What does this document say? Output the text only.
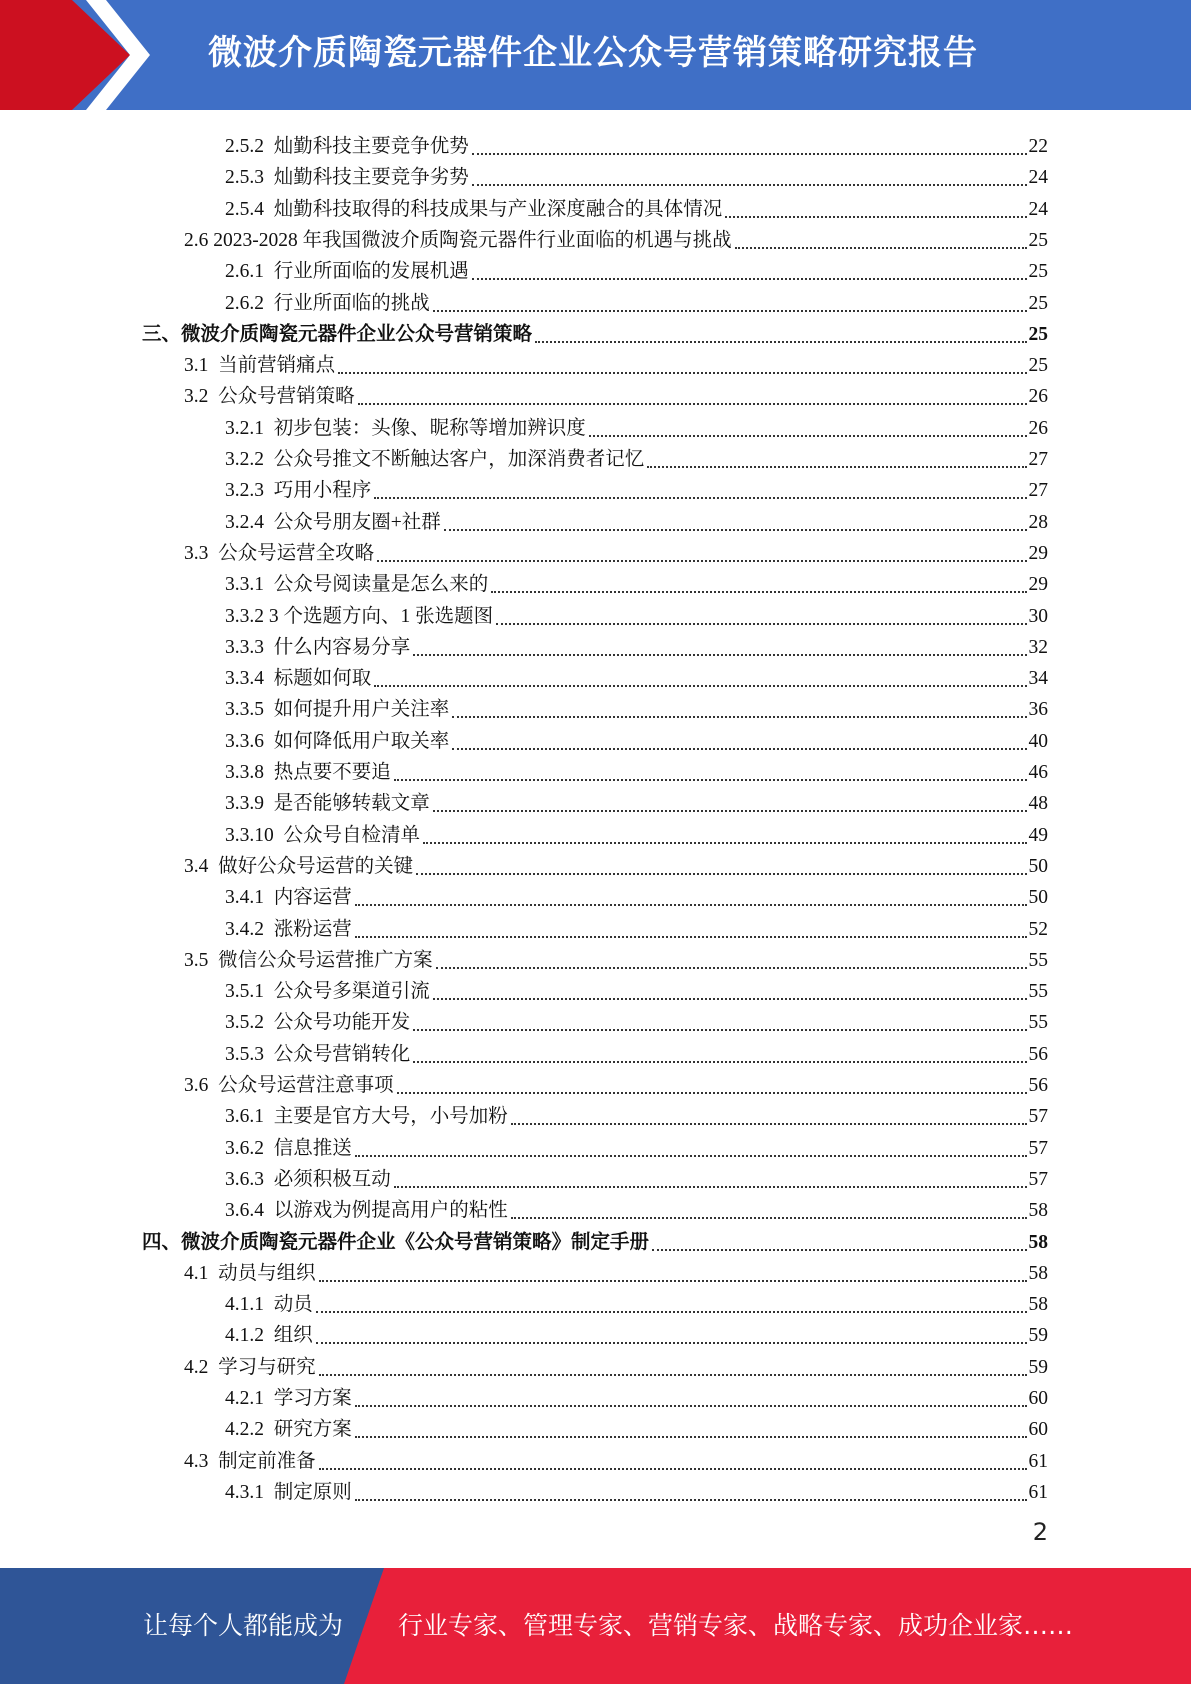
微波介质陶瓷元器件企业公众号营销策略研究报告
2.5.2  灿勤科技主要竞争优势	22
2.5.3  灿勤科技主要竞争劣势	24
2.5.4  灿勤科技取得的科技成果与产业深度融合的具体情况	24
2.6 2023-2028 年我国微波介质陶瓷元器件行业面临的机遇与挑战	25
2.6.1  行业所面临的发展机遇	25
2.6.2  行业所面临的挑战	25
三、微波介质陶瓷元器件企业公众号营销策略	25
3.1  当前营销痛点	25
3.2  公众号营销策略	26
3.2.1  初步包装：头像、昵称等增加辨识度	26
3.2.2  公众号推文不断触达客户，加深消费者记忆	27
3.2.3  巧用小程序	27
3.2.4  公众号朋友圈+社群	28
3.3  公众号运营全攻略	29
3.3.1  公众号阅读量是怎么来的	29
3.3.2 3 个选题方向、1 张选题图	30
3.3.3  什么内容易分享	32
3.3.4  标题如何取	34
3.3.5  如何提升用户关注率	36
3.3.6  如何降低用户取关率	40
3.3.8  热点要不要追	46
3.3.9  是否能够转载文章	48
3.3.10  公众号自检清单	49
3.4  做好公众号运营的关键	50
3.4.1  内容运营	50
3.4.2  涨粉运营	52
3.5  微信公众号运营推广方案	55
3.5.1  公众号多渠道引流	55
3.5.2  公众号功能开发	55
3.5.3  公众号营销转化	56
3.6  公众号运营注意事项	56
3.6.1  主要是官方大号，小号加粉	57
3.6.2  信息推送	57
3.6.3  必须积极互动	57
3.6.4  以游戏为例提高用户的粘性	58
四、微波介质陶瓷元器件企业《公众号营销策略》制定手册	58
4.1  动员与组织	58
4.1.1  动员	58
4.1.2  组织	59
4.2  学习与研究	59
4.2.1  学习方案	60
4.2.2  研究方案	60
4.3  制定前准备	61
4.3.1  制定原则	61
2
让每个人都能成为 行业专家、管理专家、营销专家、战略专家、成功企业家……
